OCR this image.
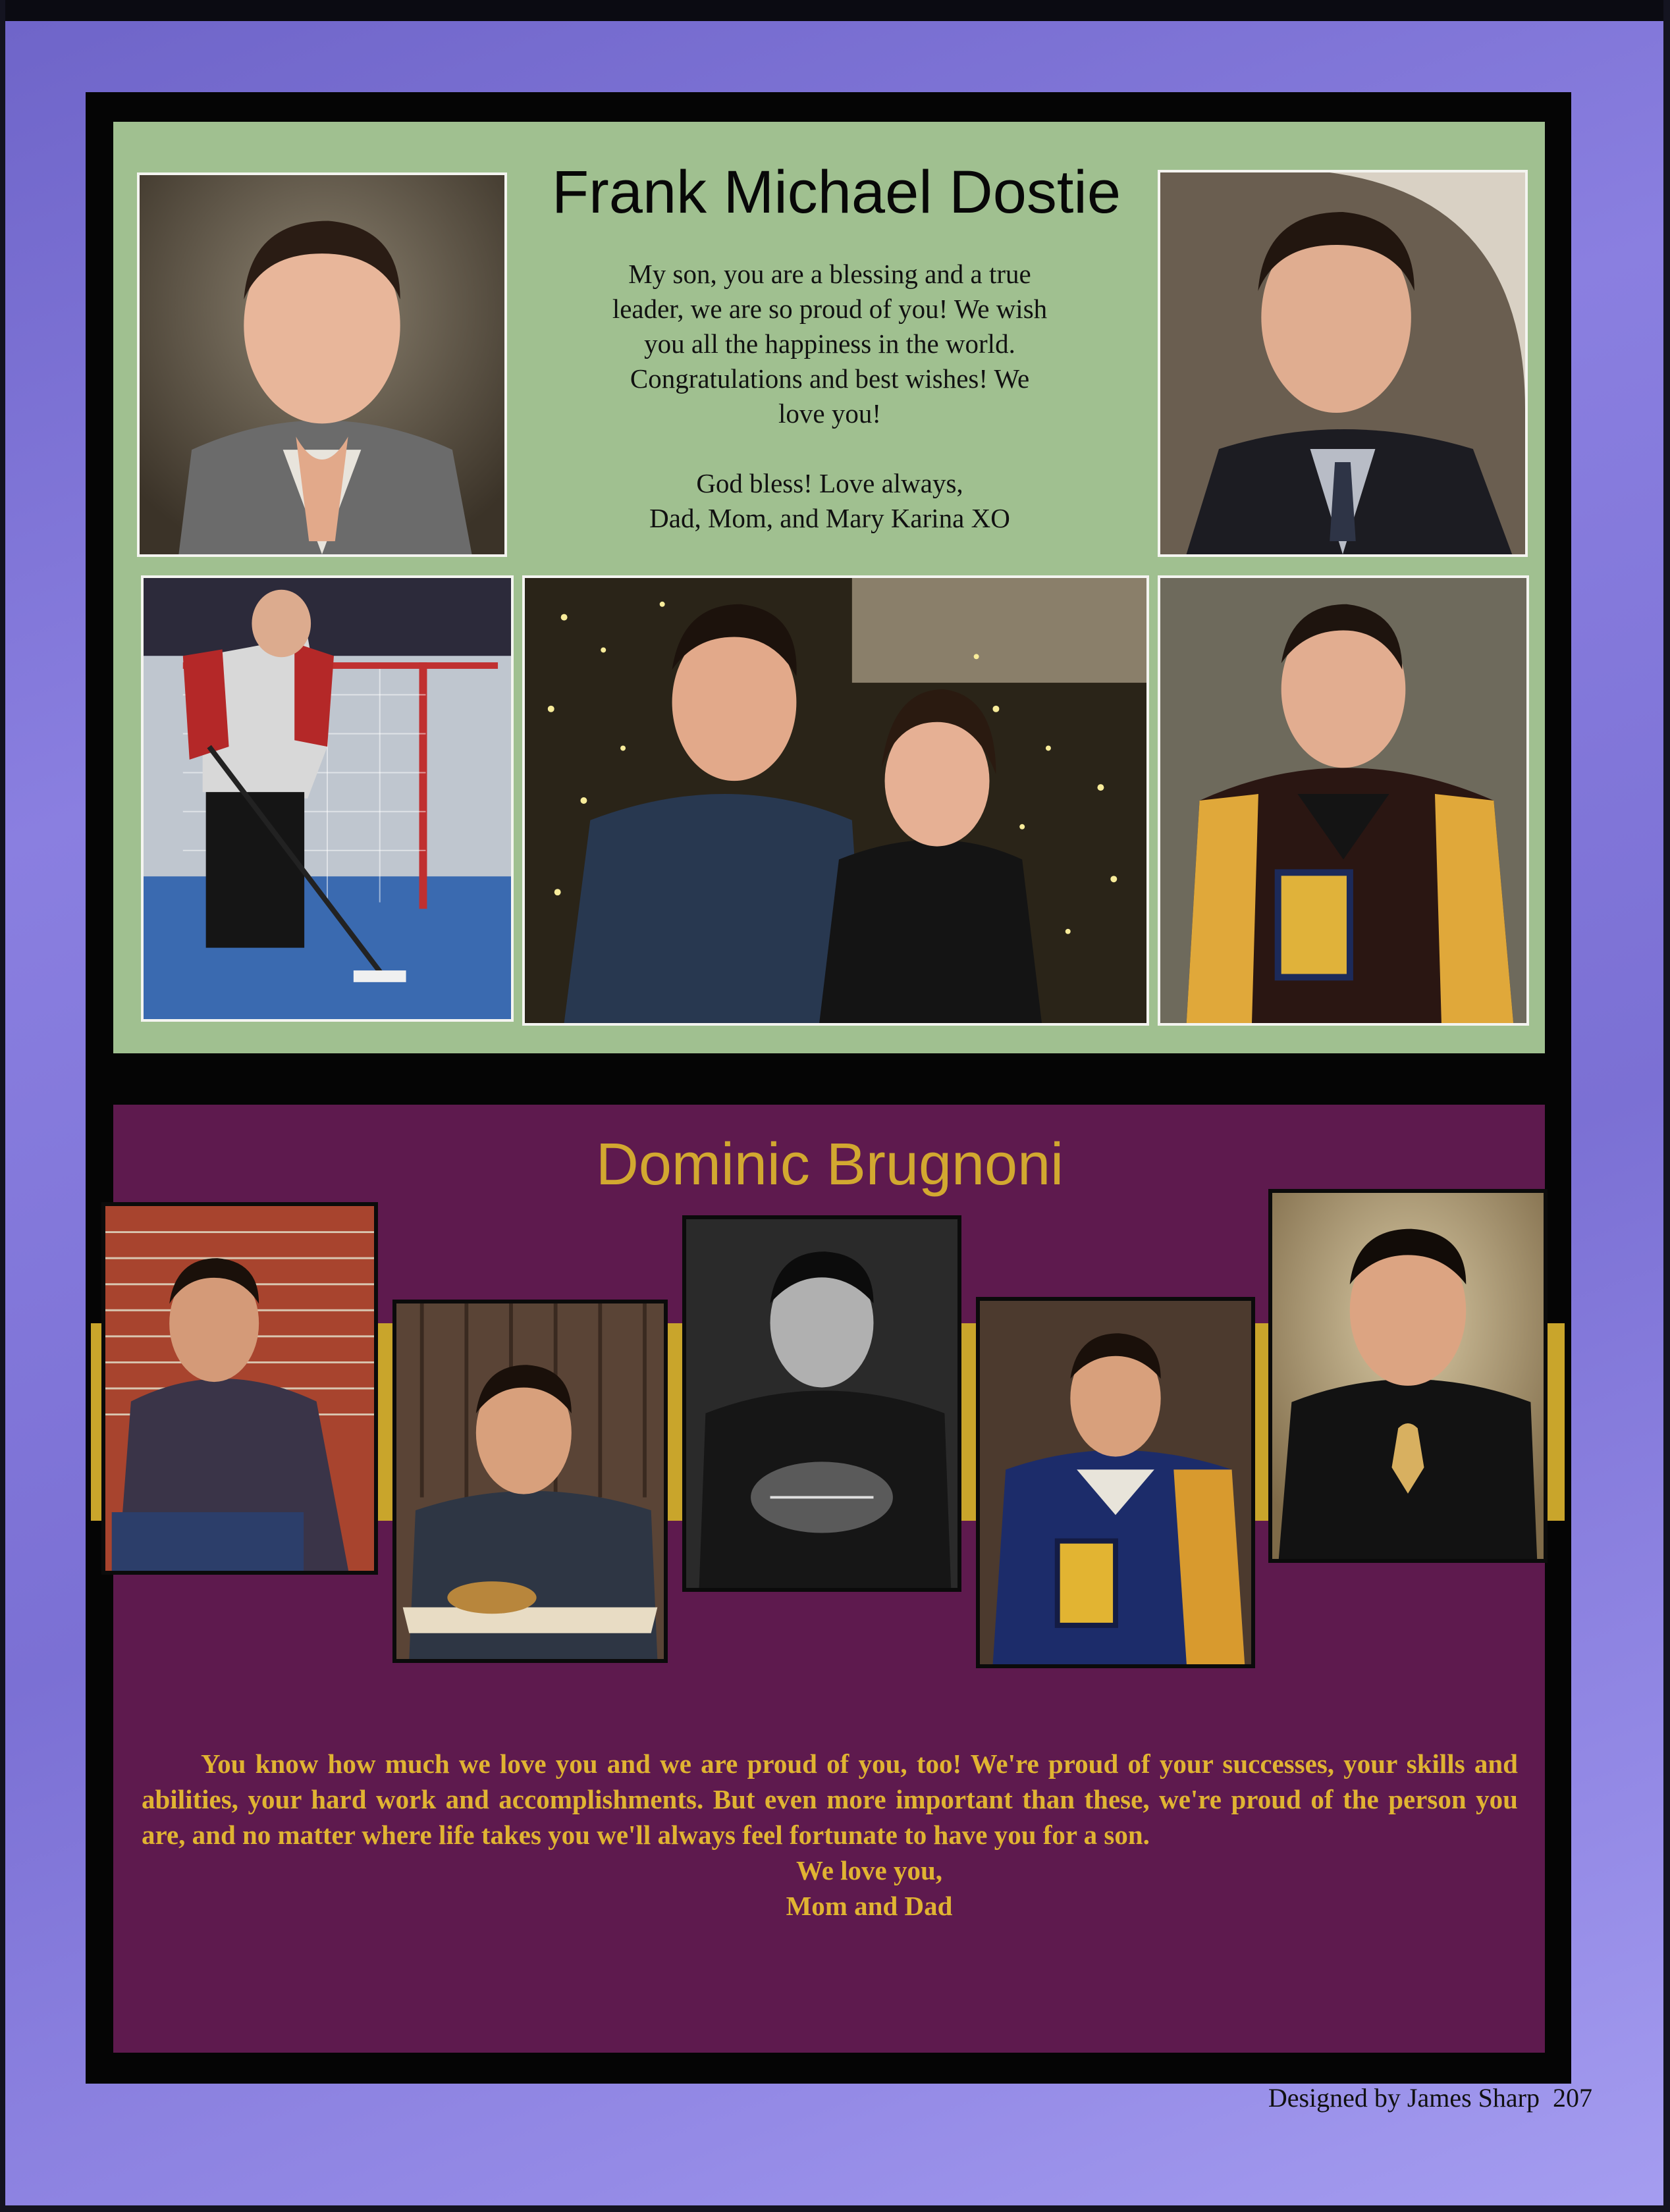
Frank Michael Dostie

My son, you are a blessing and a true

leader, we are so proud of you! We wish

you all the happiness in the world.

Congratulations and best wishes! We

love you!

God bless! Love always,

Dad, Mom, and Mary Karina XO

Dominic Brugnoni

You know how much we love you and we are proud of you, too! We're proud of your successes, your skills and abilities, your hard work and accomplishments. But even more important than these, we're proud of the person you are, and no matter where life takes you we'll always feel fortunate to have you for a son.

We love you,

Mom and Dad

Designed by James Sharp 207
